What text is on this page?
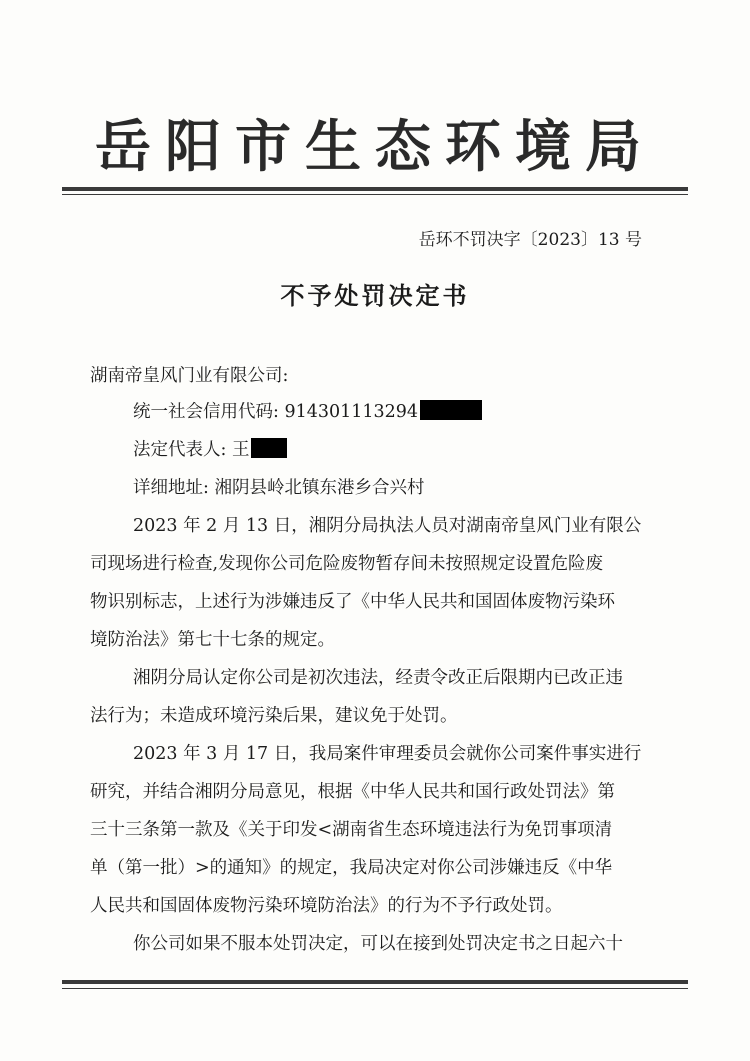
岳阳市生态环境局
岳环不罚决字〔2023〕13 号
不予处罚决定书
湖南帝皇风门业有限公司:
统一社会信用代码: 914301113294
法定代表人: 王
详细地址: 湘阴县岭北镇东港乡合兴村
2023 年 2 月 13 日，湘阴分局执法人员对湖南帝皇风门业有限公
司现场进行检查,发现你公司危险废物暂存间未按照规定设置危险废
物识别标志，上述行为涉嫌违反了《中华人民共和国固体废物污染环
境防治法》第七十七条的规定。
湘阴分局认定你公司是初次违法，经责令改正后限期内已改正违
法行为；未造成环境污染后果，建议免于处罚。
2023 年 3 月 17 日，我局案件审理委员会就你公司案件事实进行
研究，并结合湘阴分局意见，根据《中华人民共和国行政处罚法》第
三十三条第一款及《关于印发<湖南省生态环境违法行为免罚事项清
单（第一批）>的通知》的规定，我局决定对你公司涉嫌违反《中华
人民共和国固体废物污染环境防治法》的行为不予行政处罚。
你公司如果不服本处罚决定，可以在接到处罚决定书之日起六十
